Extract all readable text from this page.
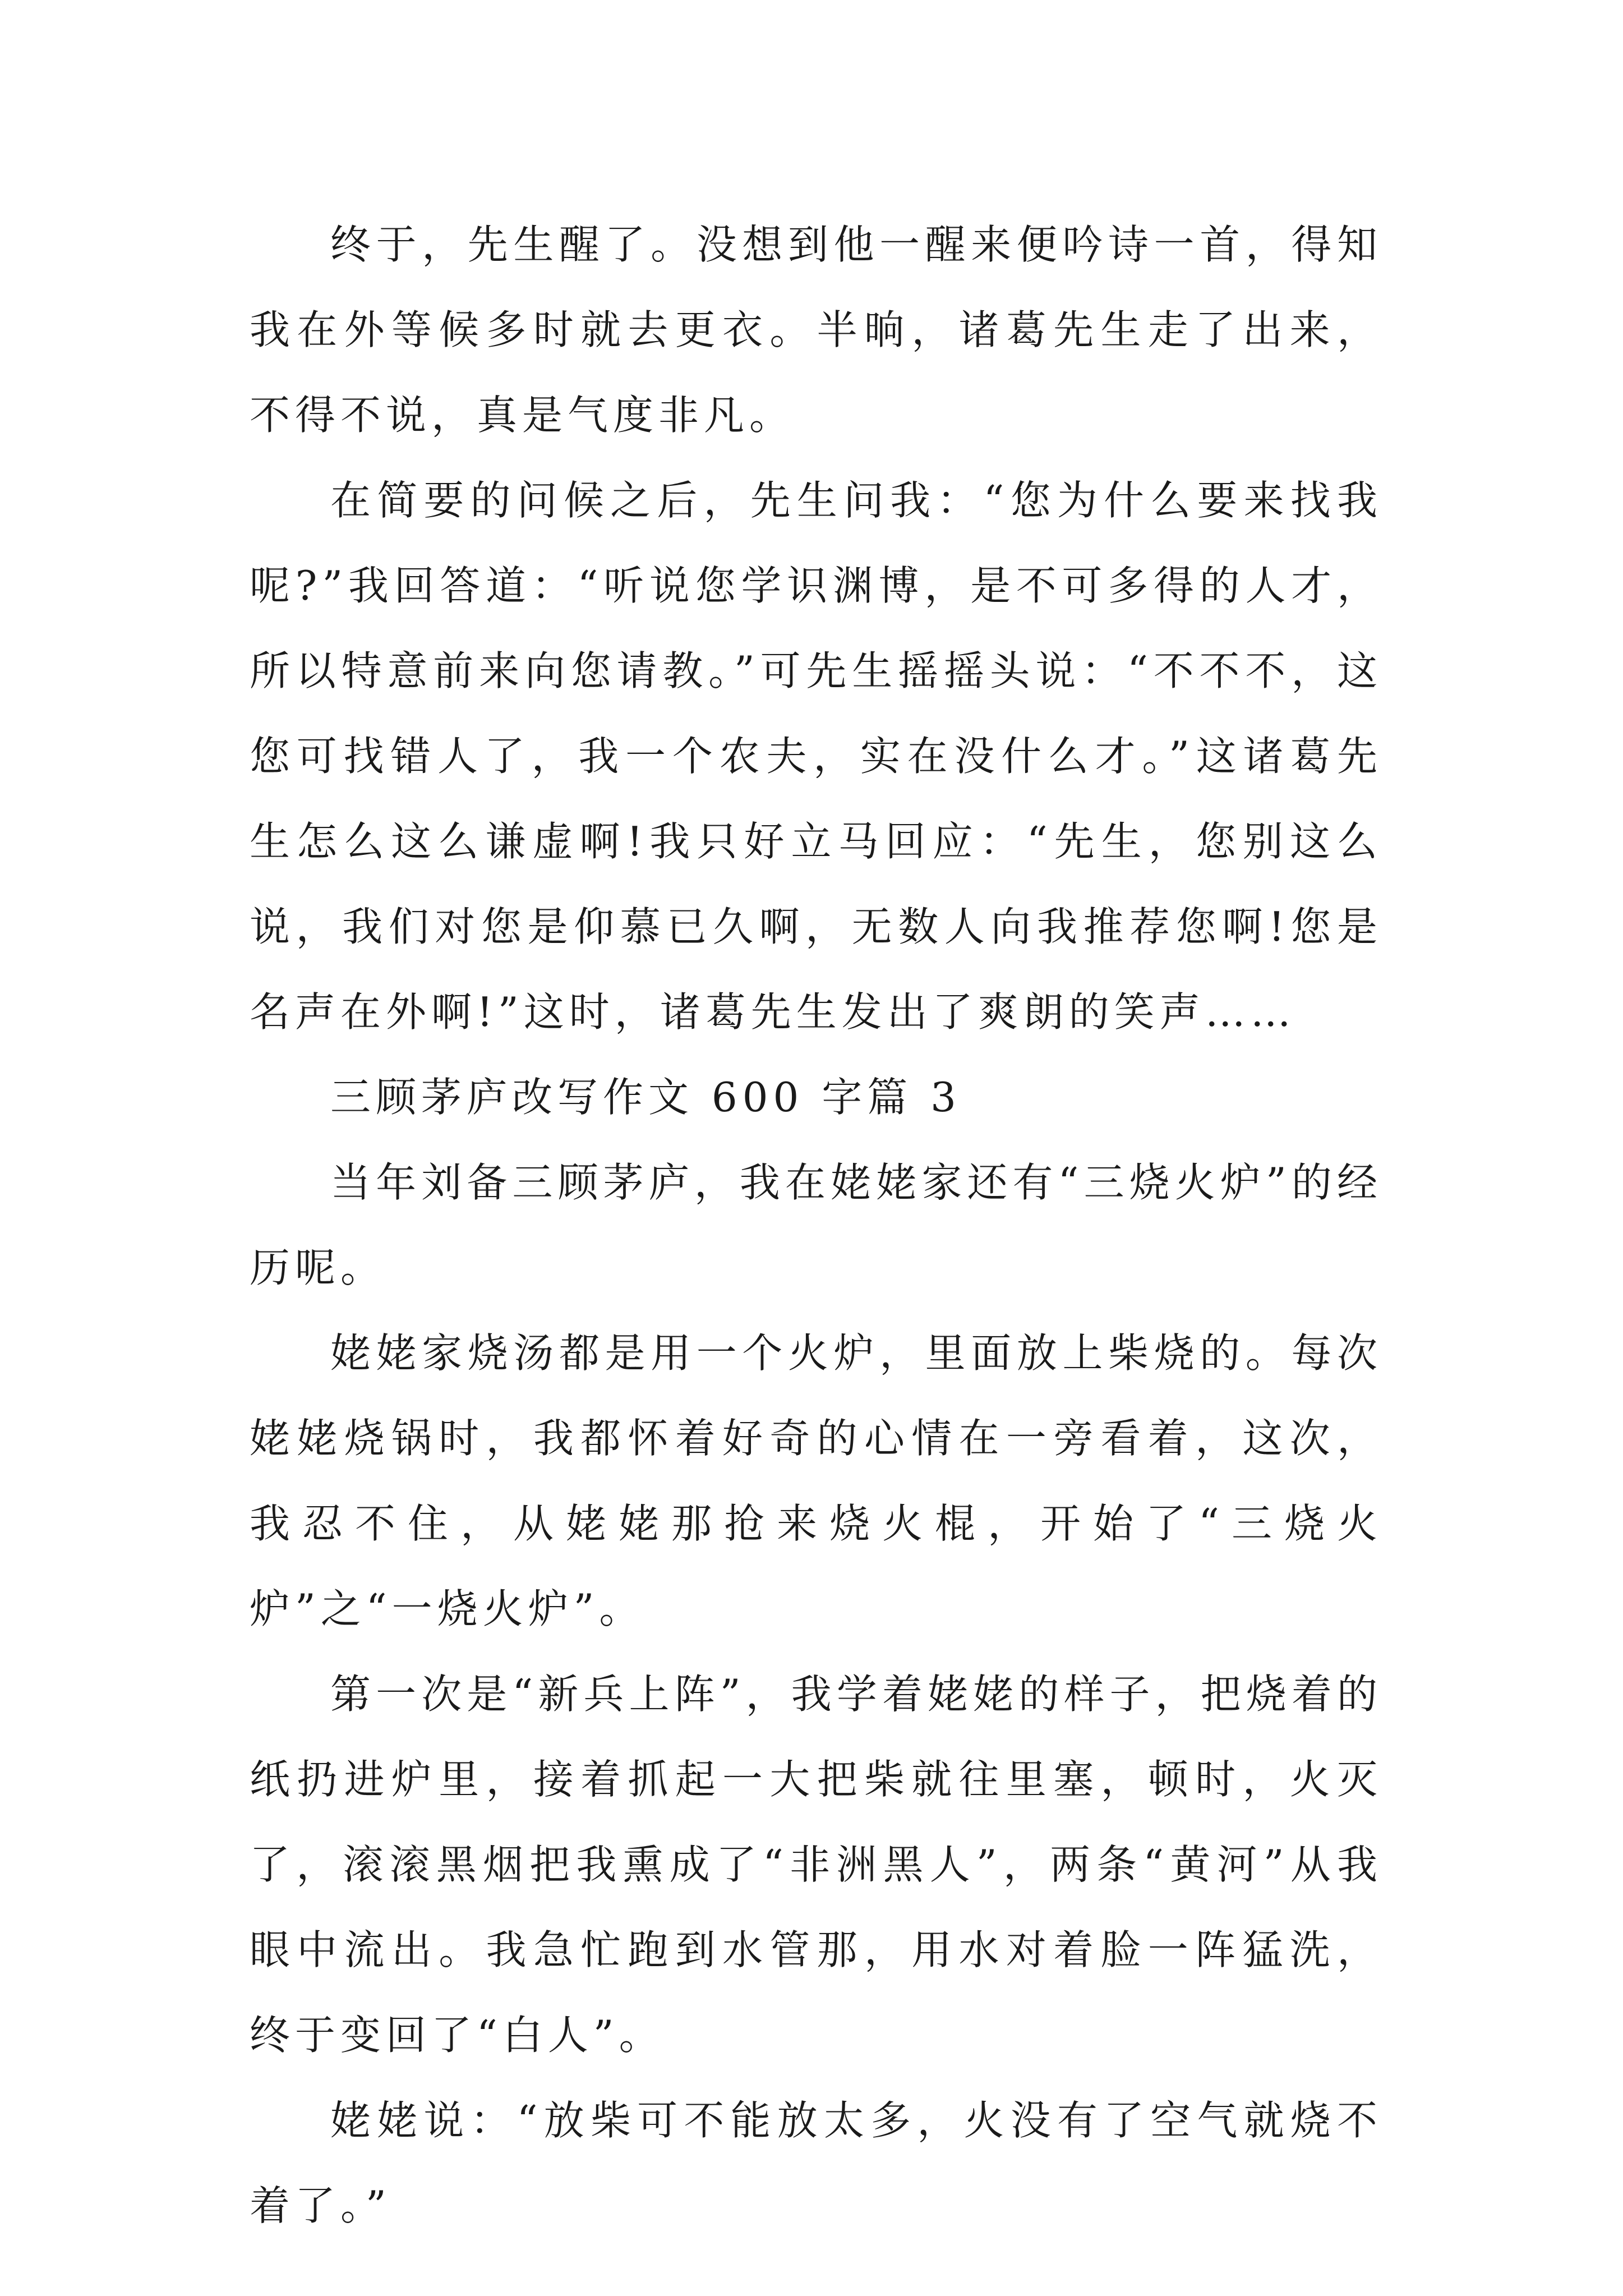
终于，先生醒了。没想到他一醒来便吟诗一首，得知我在外等候多时就去更衣。半晌，诸葛先生走了出来，不得不说，真是气度非凡。

在简要的问候之后，先生问我：“您为什么要来找我呢?”我回答道：“听说您学识渊博，是不可多得的人才，所以特意前来向您请教。”可先生摇摇头说：“不不不，这您可找错人了，我一个农夫，实在没什么才。”这诸葛先生怎么这么谦虚啊!我只好立马回应：“先生，您别这么说，我们对您是仰慕已久啊，无数人向我推荐您啊!您是名声在外啊!”这时，诸葛先生发出了爽朗的笑声……

三顾茅庐改写作文 600 字篇 3

当年刘备三顾茅庐，我在姥姥家还有“三烧火炉”的经历呢。

姥姥家烧汤都是用一个火炉，里面放上柴烧的。每次姥姥烧锅时，我都怀着好奇的心情在一旁看着，这次，我忍不住，从姥姥那抢来烧火棍，开始了“三烧火炉”之“一烧火炉”。

第一次是“新兵上阵”，我学着姥姥的样子，把烧着的纸扔进炉里，接着抓起一大把柴就往里塞，顿时，火灭了，滚滚黑烟把我熏成了“非洲黑人”，两条“黄河”从我眼中流出。我急忙跑到水管那，用水对着脸一阵猛洗，终于变回了“白人”。

姥姥说：“放柴可不能放太多，火没有了空气就烧不着了。”
